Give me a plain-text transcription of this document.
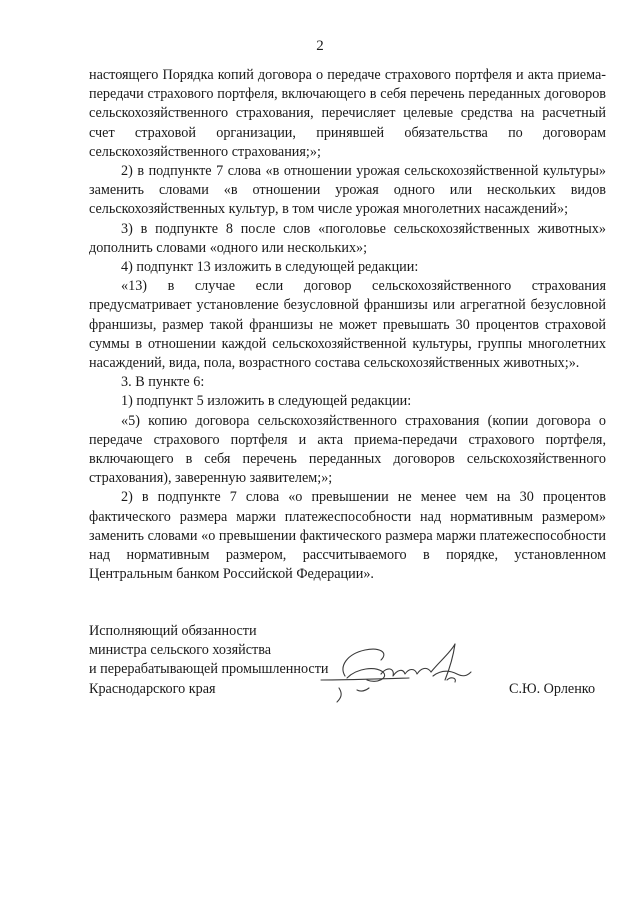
2

настоящего Порядка копий договора о передаче страхового портфеля и акта приема-передачи страхового портфеля, включающего в себя перечень переданных договоров сельскохозяйственного страхования, перечисляет целевые средства на расчетный счет страховой организации, принявшей обязательства по договорам сельскохозяйственного страхования;»;

2) в подпункте 7 слова «в отношении урожая сельскохозяйственной культуры» заменить словами «в отношении урожая одного или нескольких видов сельскохозяйственных культур, в том числе урожая многолетних насаждений»;

3) в подпункте 8 после слов «поголовье сельскохозяйственных животных» дополнить словами «одного или нескольких»;

4) подпункт 13 изложить в следующей редакции:

«13) в случае если договор сельскохозяйственного страхования предусматривает установление безусловной франшизы или агрегатной безусловной франшизы, размер такой франшизы не может превышать 30 процентов страховой суммы в отношении каждой сельскохозяйственной культуры, группы многолетних насаждений, вида, пола, возрастного состава сельскохозяйственных животных;».

3. В пункте 6:

1) подпункт 5 изложить в следующей редакции:

«5) копию договора сельскохозяйственного страхования (копии договора о передаче страхового портфеля и акта приема-передачи страхового портфеля, включающего в себя перечень переданных договоров сельскохозяйственного страхования), заверенную заявителем;»;

2) в подпункте 7 слова «о превышении не менее чем на 30 процентов фактического размера маржи платежеспособности над нормативным размером» заменить словами «о превышении фактического размера маржи платежеспособности над нормативным размером, рассчитываемого в порядке, установленном Центральным банком Российской Федерации».

Исполняющий обязанности
министра сельского хозяйства
и перерабатывающей промышленности
Краснодарского края	С.Ю. Орленко
